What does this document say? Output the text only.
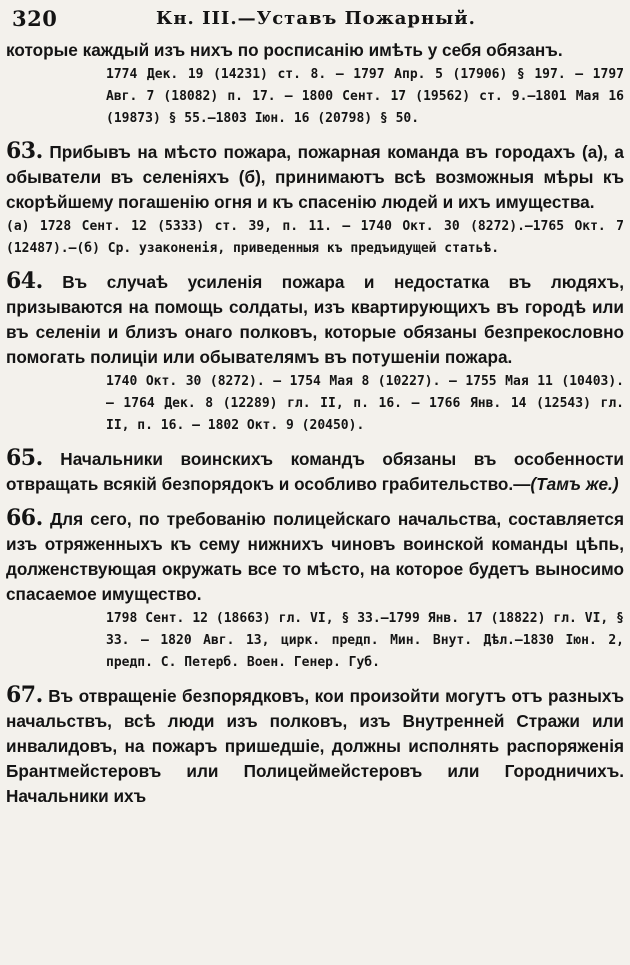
320	Кн. III.—Уставъ Пожарный.

которые каждый изъ нихъ по росписанію имѣть у себя обязанъ.

1774 Дек. 19 (14231) ст. 8. — 1797 Апр. 5 (17906) § 197. — 1797 Авг. 7 (18082) п. 17. — 1800 Сент. 17 (19562) ст. 9.—1801 Мая 16 (19873) § 55.—1803 Іюн. 16 (20798) § 50.

63. Прибывъ на мѣсто пожара, пожарная команда въ городахъ (а), а обыватели въ селеніяхъ (б), принимаютъ всѣ возможныя мѣры къ скорѣйшему погашенію огня и къ спасенію людей и ихъ имущества.

(а) 1728 Сент. 12 (5333) ст. 39, п. 11. — 1740 Окт. 30 (8272).—1765 Окт. 7 (12487).—(б) Ср. узаконенія, приведенныя къ предъидущей статьѣ.

64. Въ случаѣ усиленія пожара и недостатка въ людяхъ, призываются на помощь солдаты, изъ квартирующихъ въ городѣ или въ селеніи и близъ онаго полковъ, которые обязаны безпрекословно помогать полиціи или обывателямъ въ потушеніи пожара.

1740 Окт. 30 (8272). — 1754 Мая 8 (10227). — 1755 Мая 11 (10403). — 1764 Дек. 8 (12289) гл. II, п. 16. — 1766 Янв. 14 (12543) гл. II, п. 16. — 1802 Окт. 9 (20450).

65. Начальники воинскихъ командъ обязаны въ особенности отвращать всякій безпорядокъ и особливо грабительство.—(Тамъ же.)

66. Для сего, по требованію полицейскаго начальства, составляется изъ отряженныхъ къ сему нижнихъ чиновъ воинской команды цѣпь, долженствующая окружать все то мѣсто, на которое будетъ выносимо спасаемое имущество.

1798 Сент. 12 (18663) гл. VI, § 33.—1799 Янв. 17 (18822) гл. VI, § 33. — 1820 Авг. 13, цирк. предп. Мин. Внут. Дѣл.—1830 Іюн. 2, предп. С. Петерб. Воен. Генер. Губ.

67. Въ отвращеніе безпорядковъ, кои произойти могутъ отъ разныхъ начальствъ, всѣ люди изъ полковъ, изъ Внутренней Стражи или инвалидовъ, на пожаръ пришедшіе, должны исполнять распоряженія Брантмейстеровъ или Полицеймейстеровъ или Городничихъ. Начальники ихъ
